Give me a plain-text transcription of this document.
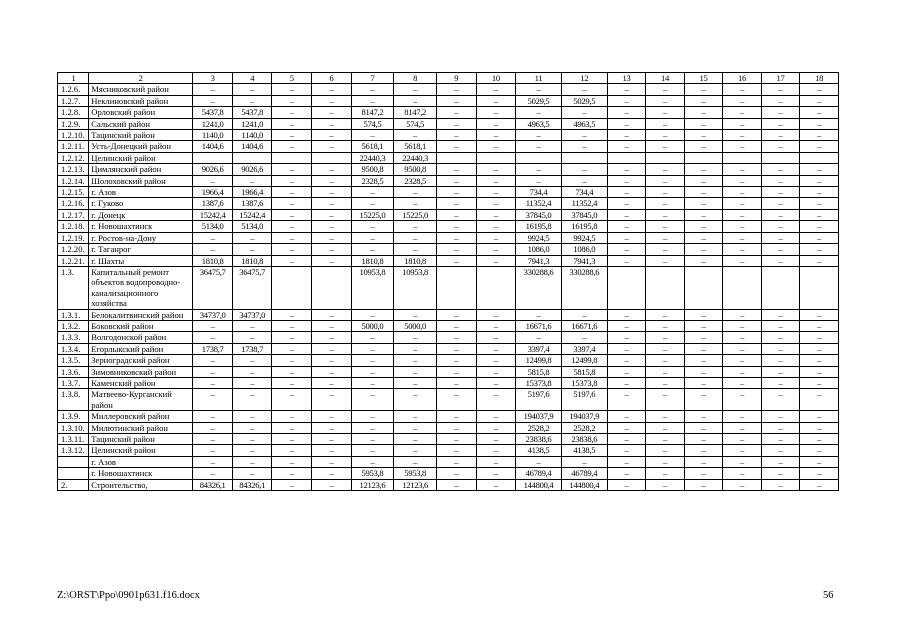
1	2	3	4	5	6	7	8	9	10	11	12	13	14	15	16	17	18
1.2.6.	Мясниковский район	–	–	–	–	–	–	–	–	–	–	–	–	–	–	–	–
1.2.7.	Неклиновский район	–	–	–	–	–	–	–	–	5029,5	5029,5	–	–	–	–	–	–
1.2.8.	Орловский район	5437,8	5437,8	–	–	8147,2	8147,2	–	–	–	–	–	–	–	–	–	–
1.2.9.	Сальский район	1241,0	1241,0	–	–	574,5	574,5	–	–	4963,5	4963,5	–	–	–	–	–	–
1.2.10.	Тацинский район	1140,0	1140,0	–	–	–	–	–	–	–	–	–	–	–	–	–	–
1.2.11.	Усть-Донецкий район	1404,6	1404,6	–	–	5618,1	5618,1	–	–	–	–	–	–	–	–	–	–
1.2.12.	Целинский район					22440,3	22440,3										
1.2.13.	Цимлянский район	9026,6	9026,6	–	–	9500,8	9500,8	–	–	–	–	–	–	–	–	–	–
1.2.14.	Шолоховский район	–	–	–	–	2328,5	2328,5	–	–	–	–	–	–	–	–	–	–
1.2.15.	г. Азов	1966,4	1966,4	–	–	–	–	–	–	734,4	734,4	–	–	–	–	–	–
1.2.16.	г. Гуково	1387,6	1387,6	–	–	–	–	–	–	11352,4	11352,4	–	–	–	–	–	–
1.2.17.	г. Донецк	15242,4	15242,4	–	–	15225,0	15225,0	–	–	37845,0	37845,0	–	–	–	–	–	–
1.2.18.	г. Новошахтинск	5134,0	5134,0	–	–	–	–	–	–	16195,8	16195,8	–	–	–	–	–	–
1.2.19.	г. Ростов-на-Дону	–	–	–	–	–	–	–	–	9924,5	9924,5	–	–	–	–	–	–
1.2.20.	г. Таганрог	–	–	–	–	–	–	–	–	1086,0	1086,0	–	–	–	–	–	–
1.2.21.	г. Шахты	1810,8	1810,8	–	–	1810,8	1810,8	–	–	7941,3	7941,3	–	–	–	–	–	–
1.3.	Капитальный ремонт объектов водопроводно-канализационного хозяйства	36475,7	36475,7			10953,8	10953,8			330288,6	330288,6						
1.3.1.	Белокалитвинский район	34737,0	34737,0	–	–	–	–	–	–	–	–	–	–	–	–	–	–
1.3.2.	Боковский район	–	–	–	–	5000,0	5000,0	–	–	16671,6	16671,6	–	–	–	–	–	–
1.3.3.	Волгодонской район	–	–	–	–	–	–	–	–	–	–	–	–	–	–	–	–
1.3.4.	Егорлыкский район	1738,7	1738,7	–	–	–	–	–	–	3397,4	3397,4	–	–	–	–	–	–
1.3.5.	Зерноградский район	–	–	–	–	–	–	–	–	12499,8	12499,8	–	–	–	–	–	–
1.3.6.	Зимовниковский район	–	–	–	–	–	–	–	–	5815,8	5815,8	–	–	–	–	–	–
1.3.7.	Каменский район	–	–	–	–	–	–	–	–	15373,8	15373,8	–	–	–	–	–	–
1.3.8.	Матвеево-Курганский район	–	–	–	–	–	–	–	–	5197,6	5197,6	–	–	–	–	–	–
1.3.9.	Миллеровский район	–	–	–	–	–	–	–	–	194037,9	194037,9	–	–	–	–	–	–
1.3.10.	Милютинский район	–	–	–	–	–	–	–	–	2528,2	2528,2	–	–	–	–	–	–
1.3.11.	Тацинский район	–	–	–	–	–	–	–	–	23838,6	23838,6	–	–	–	–	–	–
1.3.12.	Целинский район	–	–	–	–	–	–	–	–	4138,5	4138,5	–	–	–	–	–	–
	г. Азов	–	–	–	–	–	–	–	–	–	–	–	–	–	–	–	–
	г. Новошахтинск	–	–	–	–	5953,8	5953,8	–	–	46789,4	46789,4	–	–	–	–	–	–
2.	Строительство,	84326,1	84326,1	–	–	12123,6	12123,6	–	–	144800,4	144800,4	–	–	–	–	–	–
Z:\ORST\Ppo\0901p631.f16.docx	56
